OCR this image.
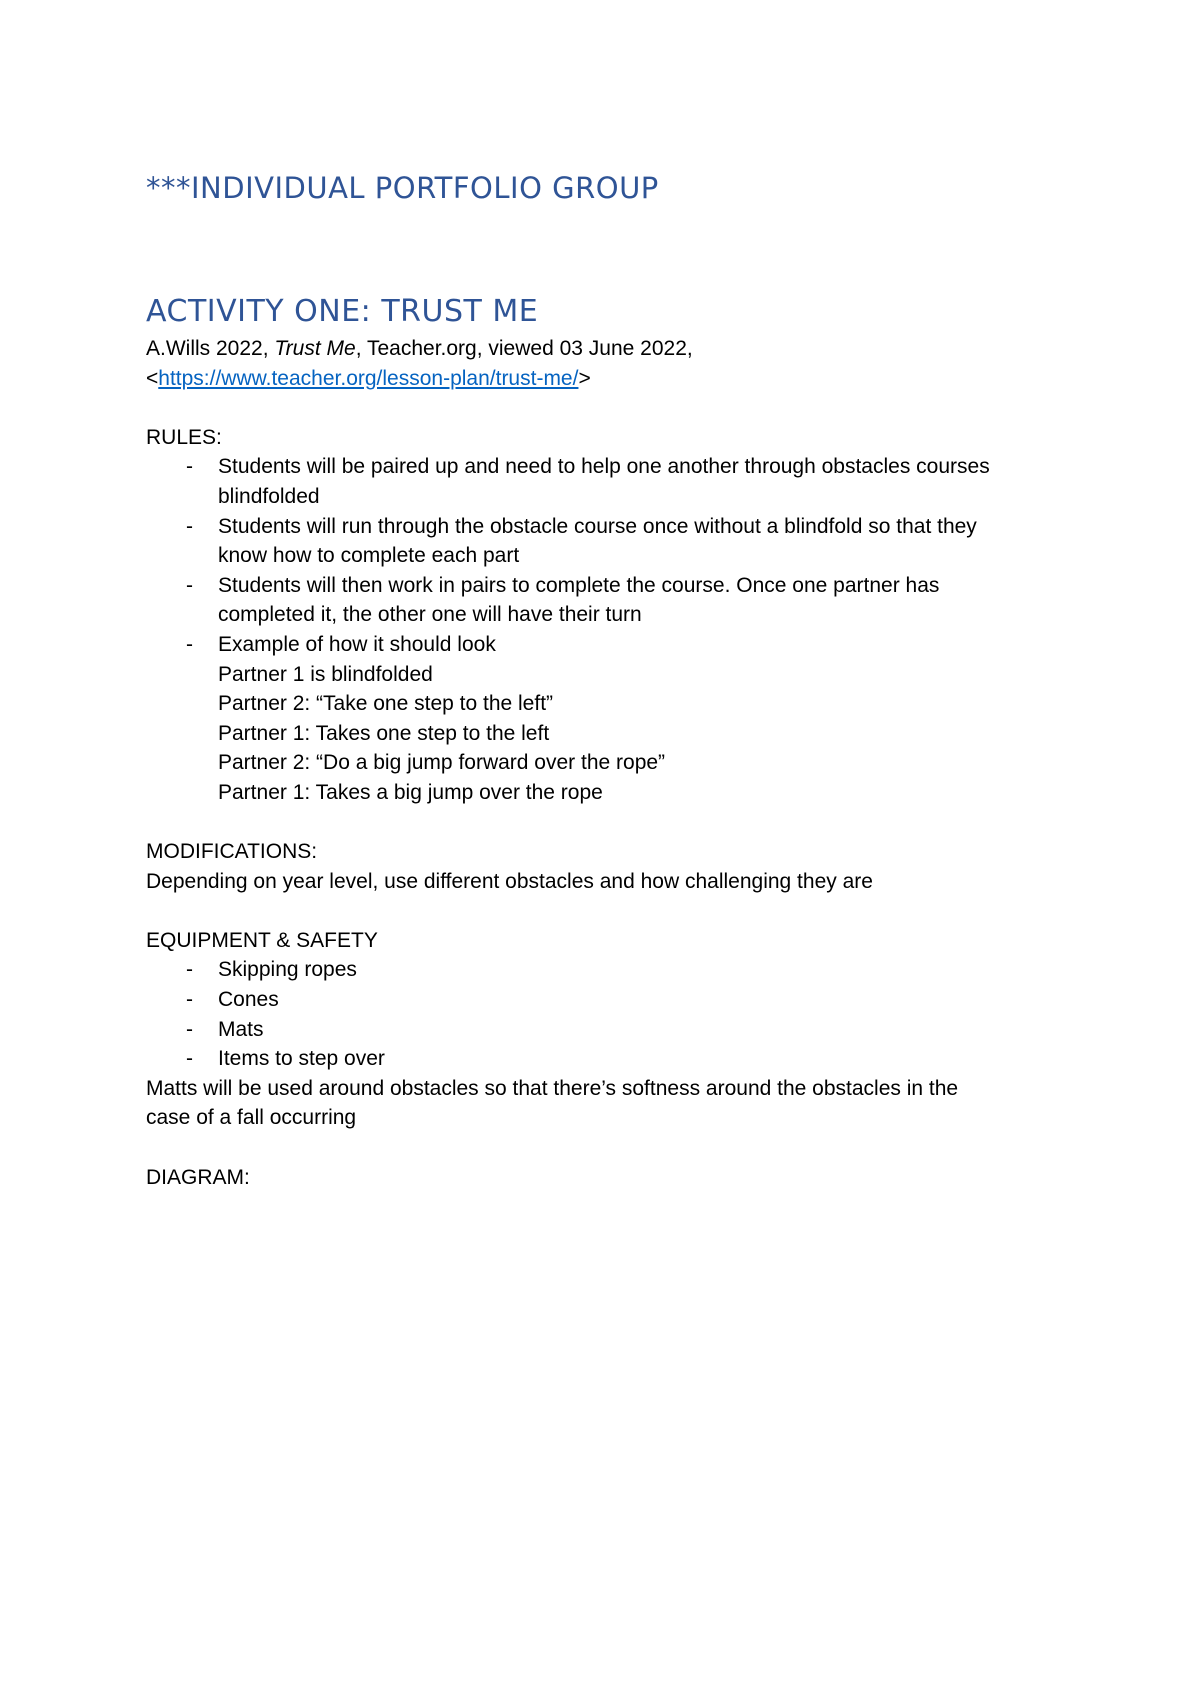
***INDIVIDUAL PORTFOLIO GROUP
ACTIVITY ONE: TRUST ME

A.Wills 2022, Trust Me, Teacher.org, viewed 03 June 2022,

<https://www.teacher.org/lesson-plan/trust-me/>

RULES:

- Students will be paired up and need to help one another through obstacles courses
blindfolded
- Students will run through the obstacle course once without a blindfold so that they
know how to complete each part
- Students will then work in pairs to complete the course. Once one partner has
completed it, the other one will have their turn
- Example of how it should look
Partner 1 is blindfolded
Partner 2: “Take one step to the left”
Partner 1: Takes one step to the left
Partner 2: “Do a big jump forward over the rope”
Partner 1: Takes a big jump over the rope

MODIFICATIONS:

Depending on year level, use different obstacles and how challenging they are

EQUIPMENT & SAFETY

- Skipping ropes
- Cones
- Mats
- Items to step over

Matts will be used around obstacles so that there’s softness around the obstacles in the

case of a fall occurring

DIAGRAM:
